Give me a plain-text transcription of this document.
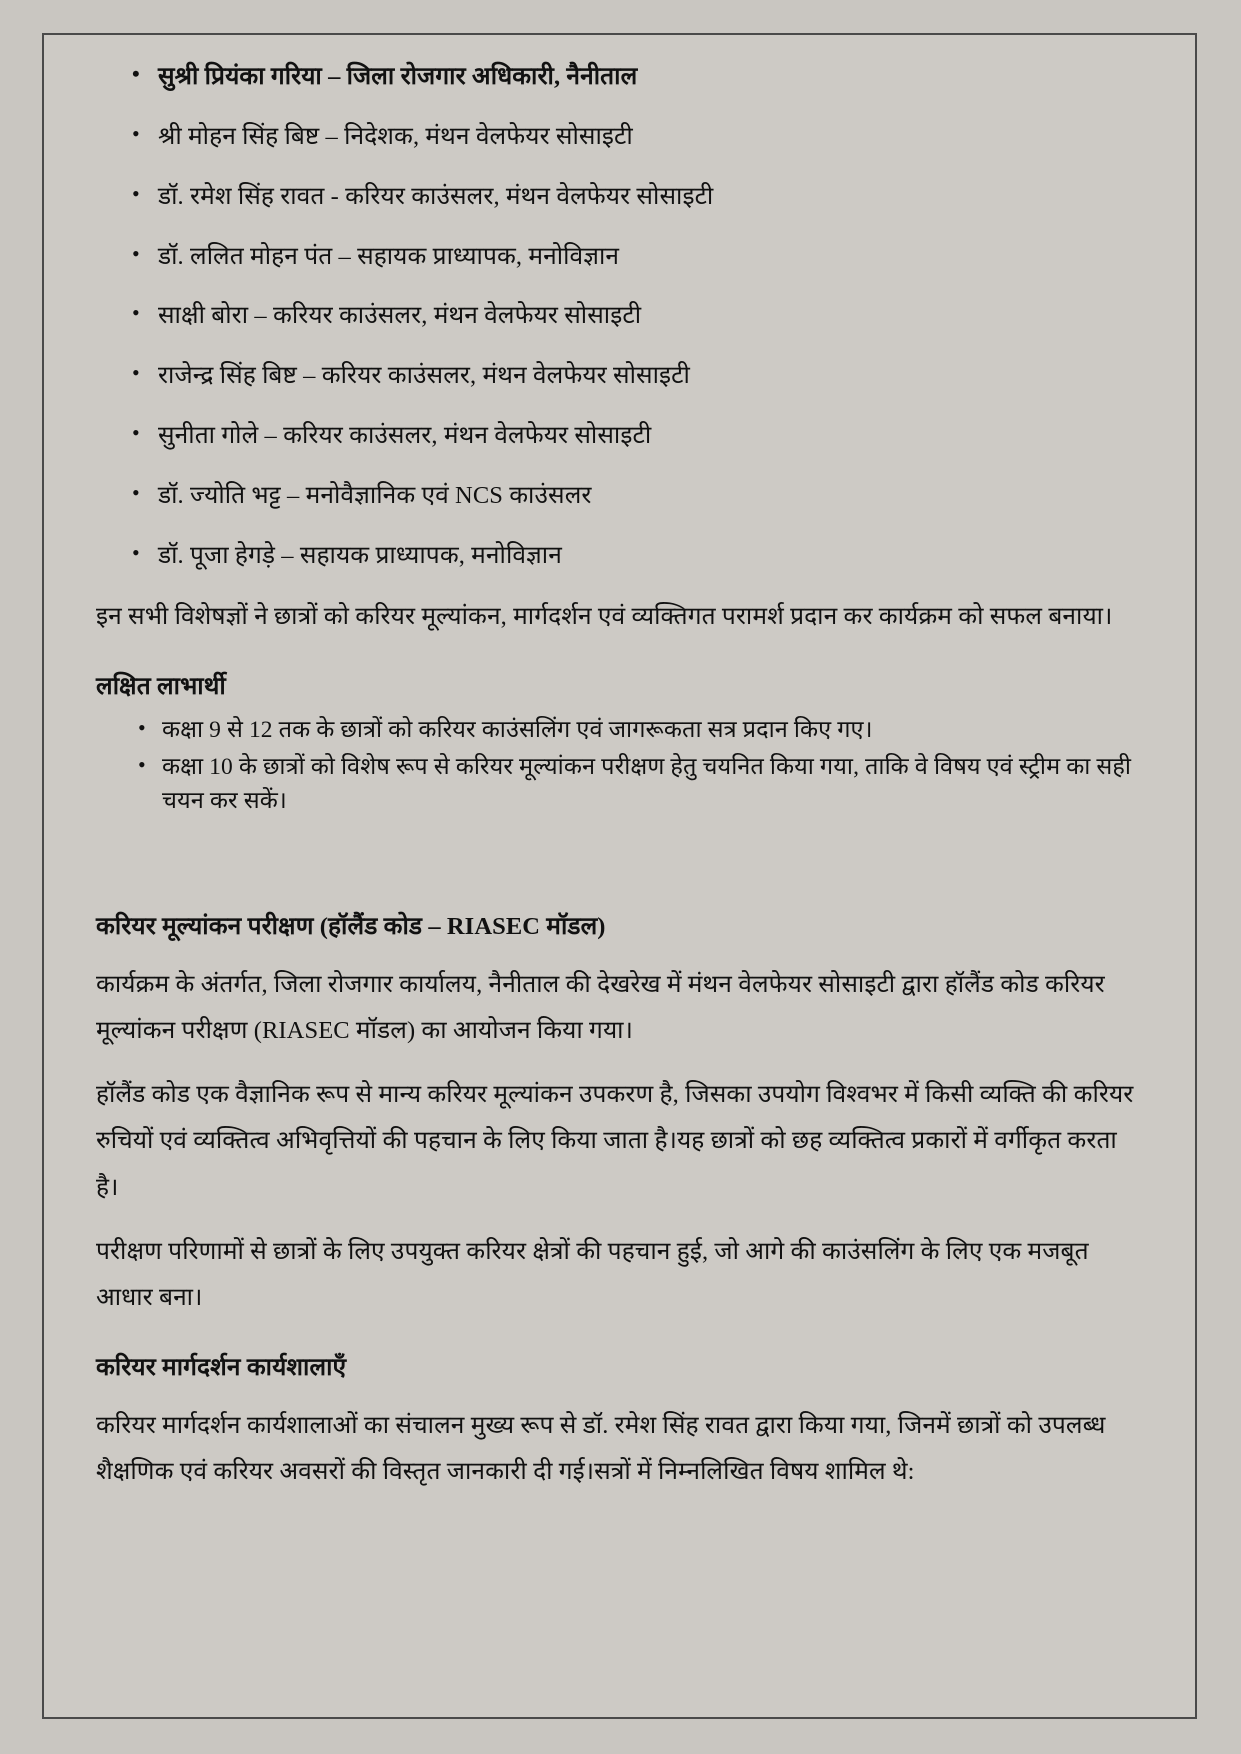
• सुश्री प्रियंका गरिया – जिला रोजगार अधिकारी, नैनीताल
• श्री मोहन सिंह बिष्ट – निदेशक, मंथन वेलफेयर सोसाइटी
• डॉ. रमेश सिंह रावत - करियर काउंसलर, मंथन वेलफेयर सोसाइटी
• डॉ. ललित मोहन पंत – सहायक प्राध्यापक, मनोविज्ञान
• साक्षी बोरा – करियर काउंसलर, मंथन वेलफेयर सोसाइटी
• राजेन्द्र सिंह बिष्ट – करियर काउंसलर, मंथन वेलफेयर सोसाइटी
• सुनीता गोले – करियर काउंसलर, मंथन वेलफेयर सोसाइटी
• डॉ. ज्योति भट्ट – मनोवैज्ञानिक एवं NCS काउंसलर
• डॉ. पूजा हेगड़े – सहायक प्राध्यापक, मनोविज्ञान

इन सभी विशेषज्ञों ने छात्रों को करियर मूल्यांकन, मार्गदर्शन एवं व्यक्तिगत परामर्श प्रदान कर कार्यक्रम को सफल बनाया।

लक्षित लाभार्थी
• कक्षा 9 से 12 तक के छात्रों को करियर काउंसलिंग एवं जागरूकता सत्र प्रदान किए गए।
• कक्षा 10 के छात्रों को विशेष रूप से करियर मूल्यांकन परीक्षण हेतु चयनित किया गया, ताकि वे विषय एवं स्ट्रीम का सही चयन कर सकें।
करियर मूल्यांकन परीक्षण (हॉलैंड कोड – RIASEC मॉडल)

कार्यक्रम के अंतर्गत, जिला रोजगार कार्यालय, नैनीताल की देखरेख में मंथन वेलफेयर सोसाइटी द्वारा हॉलैंड कोड करियर मूल्यांकन परीक्षण (RIASEC मॉडल) का आयोजन किया गया।

हॉलैंड कोड एक वैज्ञानिक रूप से मान्य करियर मूल्यांकन उपकरण है, जिसका उपयोग विश्वभर में किसी व्यक्ति की करियर रुचियों एवं व्यक्तित्व अभिवृत्तियों की पहचान के लिए किया जाता है।यह छात्रों को छह व्यक्तित्व प्रकारों में वर्गीकृत करता है।

परीक्षण परिणामों से छात्रों के लिए उपयुक्त करियर क्षेत्रों की पहचान हुई, जो आगे की काउंसलिंग के लिए एक मजबूत आधार बना।

करियर मार्गदर्शन कार्यशालाएँ

करियर मार्गदर्शन कार्यशालाओं का संचालन मुख्य रूप से डॉ. रमेश सिंह रावत द्वारा किया गया, जिनमें छात्रों को उपलब्ध शैक्षणिक एवं करियर अवसरों की विस्तृत जानकारी दी गई।सत्रों में निम्नलिखित विषय शामिल थे:
